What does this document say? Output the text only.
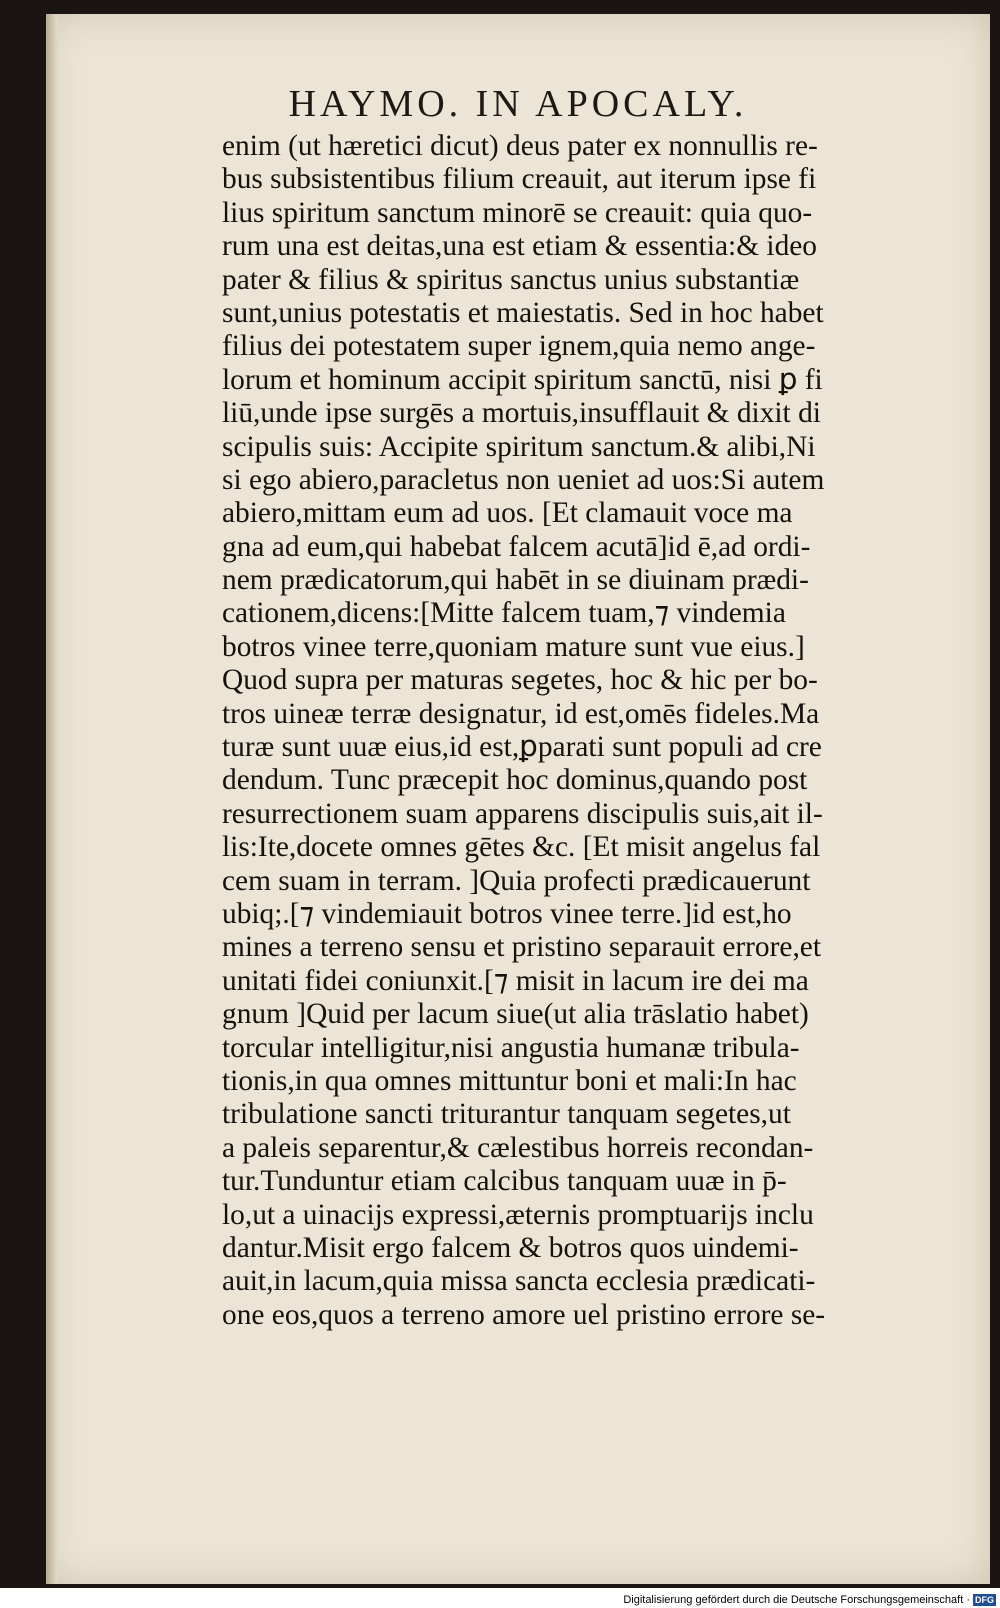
HAYMO. IN APOCALY.
enim (ut hæretici dicut) deus pater ex nonnullis re-
bus subsistentibus filium creauit, aut iterum ipse fi
lius spiritum sanctum minorē se creauit: quia quo-
rum una est deitas,una est etiam & essentia:& ideo
pater & filius & spiritus sanctus unius substantiæ
sunt,unius potestatis et maiestatis. Sed in hoc habet
filius dei potestatem super ignem,quia nemo ange-
lorum et hominum accipit spiritum sanctū, nisi ꝑ fi
liū,unde ipse surgēs a mortuis,insufflauit & dixit di
scipulis suis: Accipite spiritum sanctum.& alibi,Ni
si ego abiero,paracletus non ueniet ad uos:Si autem
abiero,mittam eum ad uos. [Et clamauit voce ma
gna ad eum,qui habebat falcem acutā]id ē,ad ordi-
nem prædicatorum,qui habēt in se diuinam prædi-
cationem,dicens:[Mitte falcem tuam,⁊ vindemia
botros vinee terre,quoniam mature sunt vue eius.]
Quod supra per maturas segetes, hoc & hic per bo-
tros uineæ terræ designatur, id est,omēs fideles.Ma
turæ sunt uuæ eius,id est,ꝑparati sunt populi ad cre
dendum. Tunc præcepit hoc dominus,quando post
resurrectionem suam apparens discipulis suis,ait il-
lis:Ite,docete omnes gētes &c. [Et misit angelus fal
cem suam in terram. ]Quia profecti prædicauerunt
ubiq;.[⁊ vindemiauit botros vinee terre.]id est,ho
mines a terreno sensu et pristino separauit errore,et
unitati fidei coniunxit.[⁊ misit in lacum ire dei ma
gnum ]Quid per lacum siue(ut alia trāslatio habet)
torcular intelligitur,nisi angustia humanæ tribula-
tionis,in qua omnes mittuntur boni et mali:In hac
tribulatione sancti triturantur tanquam segetes,ut
a paleis separentur,& cælestibus horreis recondan-
tur.Tunduntur etiam calcibus tanquam uuæ in p̄-
lo,ut a uinacijs expressi,æternis promptuarijs inclu
dantur.Misit ergo falcem & botros quos uindemi-
auit,in lacum,quia missa sancta ecclesia prædicati-
one eos,quos a terreno amore uel pristino errore se-
Digitalisierung gefördert durch die Deutsche Forschungsgemeinschaft · DFG
